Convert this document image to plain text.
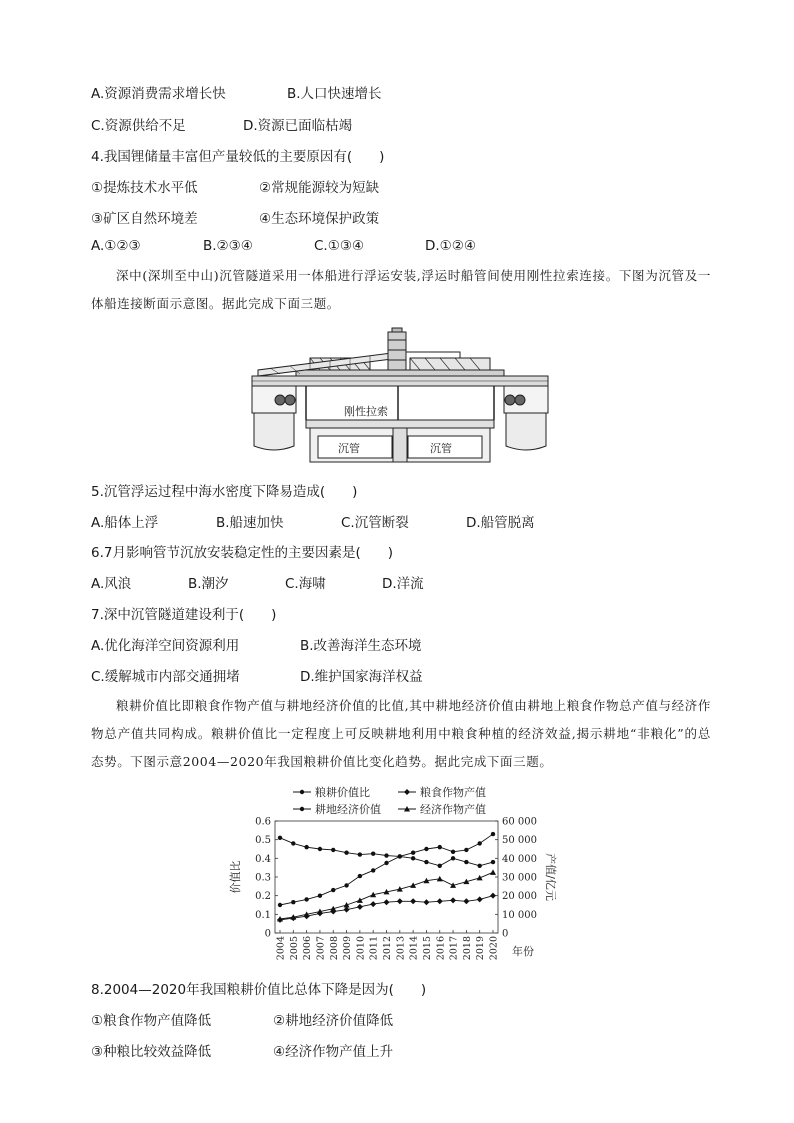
A.资源消费需求增长快	B.人口快速增长
C.资源供给不足	D.资源已面临枯竭
4.我国锂储量丰富但产量较低的主要原因有(　　)
①提炼技术水平低	②常规能源较为短缺
③矿区自然环境差	④生态环境保护政策
A.①②③	B.②③④	C.①③④	D.①②④
深中(深圳至中山)沉管隧道采用一体船进行浮运安装,浮运时船管间使用刚性拉索连接。下图为沉管及一体船连接断面示意图。据此完成下面三题。
刚性拉索
沉管	沉管
5.沉管浮运过程中海水密度下降易造成(　　)
A.船体上浮	B.船速加快	C.沉管断裂	D.船管脱离
6.7月影响管节沉放安装稳定性的主要因素是(　　)
A.风浪	B.潮汐	C.海啸	D.洋流
7.深中沉管隧道建设利于(　　)
A.优化海洋空间资源利用	B.改善海洋生态环境
C.缓解城市内部交通拥堵	D.维护国家海洋权益
粮耕价值比即粮食作物产值与耕地经济价值的比值,其中耕地经济价值由耕地上粮食作物总产值与经济作物总产值共同构成。粮耕价值比一定程度上可反映耕地利用中粮食种植的经济效益,揭示耕地“非粮化”的总态势。下图示意2004—2020年我国粮耕价值比变化趋势。据此完成下面三题。
粮耕价值比	粮食作物产值
耕地经济价值	经济作物产值
0
0.1
0.2
0.3
0.4
0.5
0.6
0
10 000
20 000
30 000
40 000
50 000
60 000
2004 2005 2006 2007 2008 2009 2010 2011 2012 2013 2014 2015 2016 2017 2018 2019 2020 年份
价值比	产值/亿元
8.2004—2020年我国粮耕价值比总体下降是因为(　　)
①粮食作物产值降低	②耕地经济价值降低
③种粮比较效益降低	④经济作物产值上升
